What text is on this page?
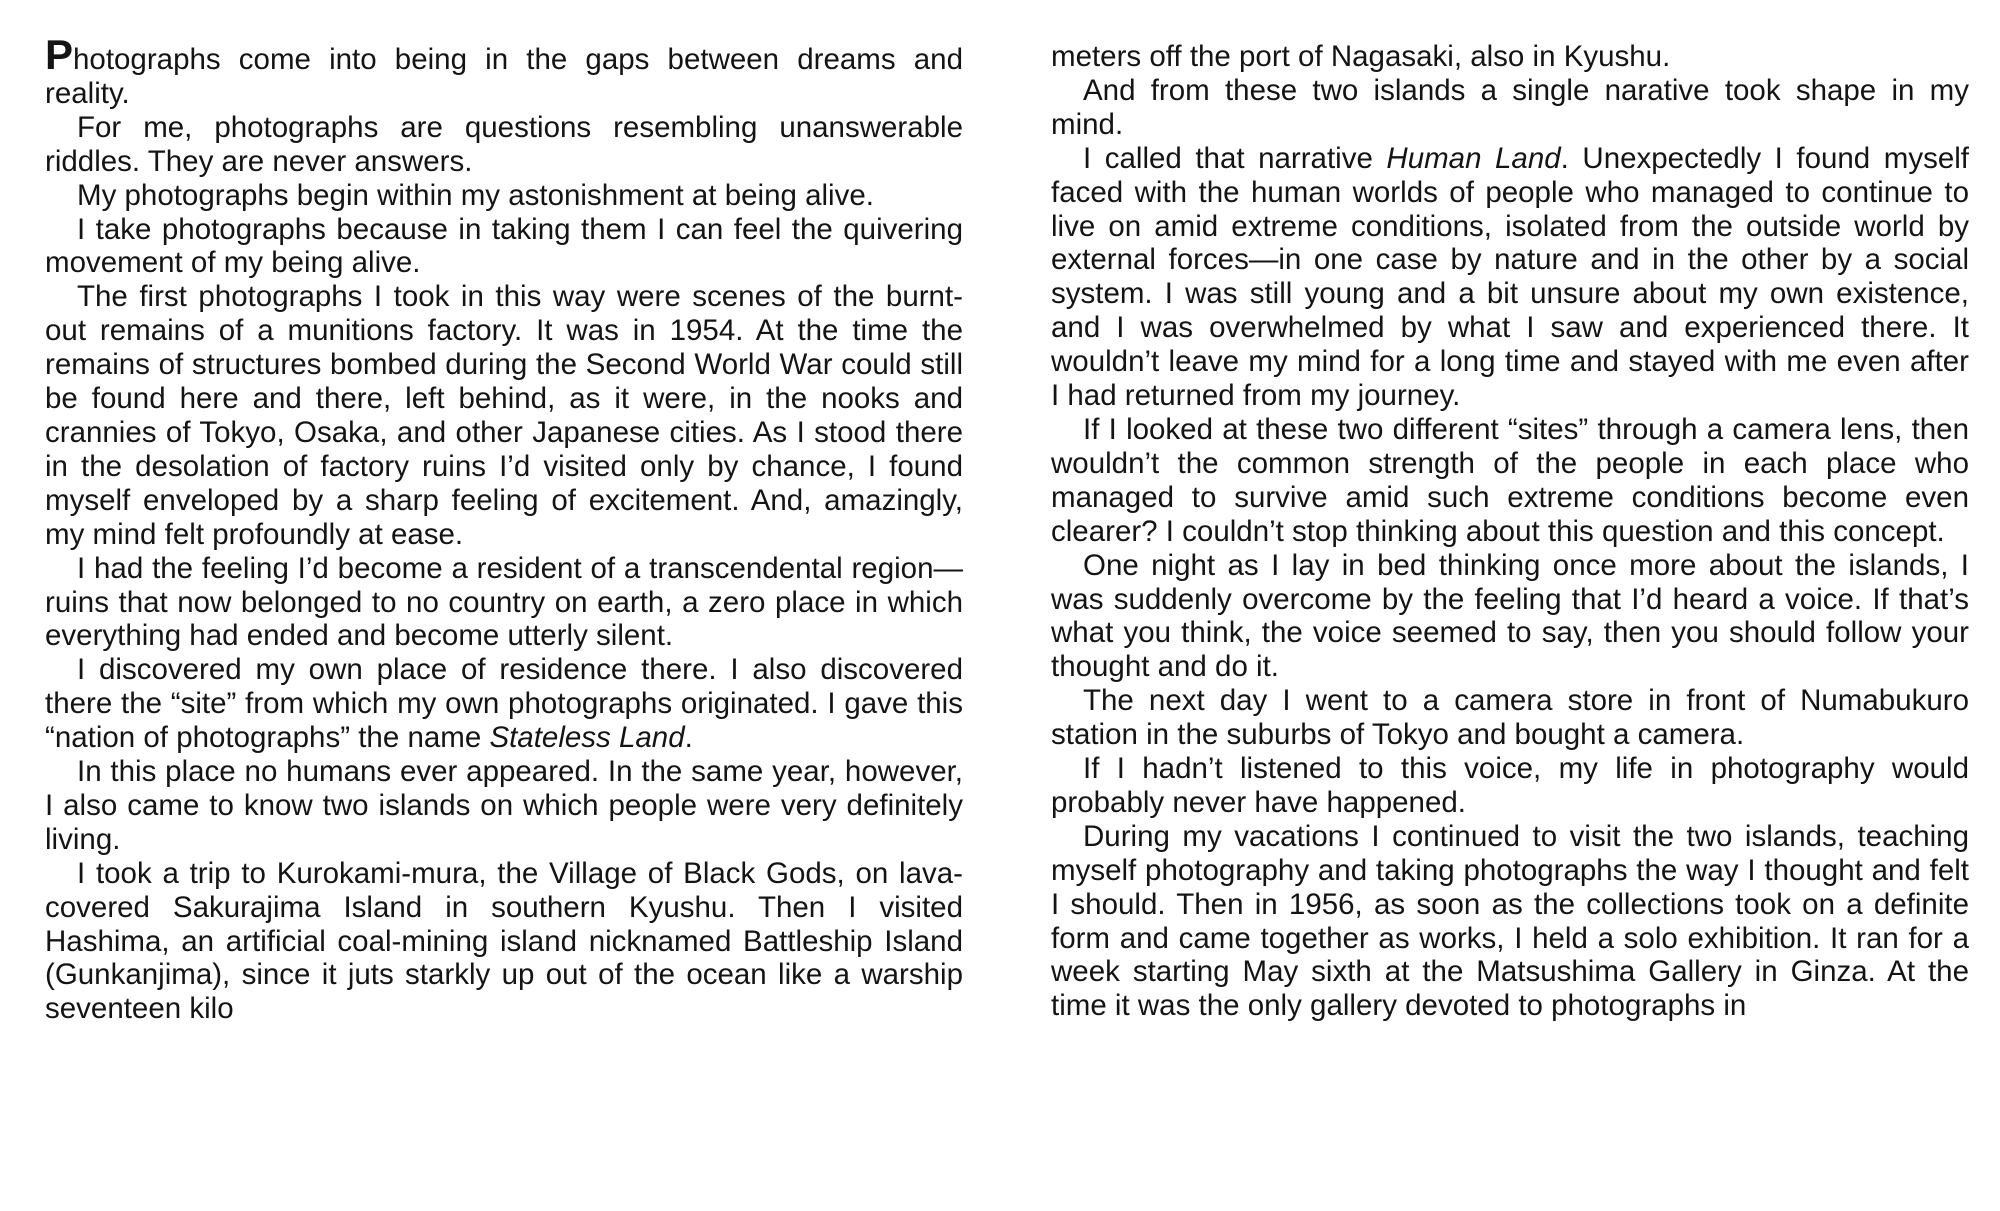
Photographs come into being in the gaps between dreams and reality.

For me, photographs are questions resembling unanswerable riddles. They are never answers.

My photographs begin within my astonishment at being alive.

I take photographs because in taking them I can feel the quivering movement of my being alive.

The first photographs I took in this way were scenes of the burnt-out remains of a munitions factory. It was in 1954. At the time the remains of structures bombed during the Second World War could still be found here and there, left behind, as it were, in the nooks and crannies of Tokyo, Osaka, and other Japanese cities. As I stood there in the desolation of factory ruins I’d visited only by chance, I found myself enveloped by a sharp feeling of excitement. And, amazingly, my mind felt profoundly at ease.

I had the feeling I’d become a resident of a transcendental region—ruins that now belonged to no country on earth, a zero place in which everything had ended and become utterly silent.

I discovered my own place of residence there. I also discovered there the “site” from which my own photographs originated. I gave this “nation of photographs” the name Stateless Land.

In this place no humans ever appeared. In the same year, however, I also came to know two islands on which people were very definitely living.

I took a trip to Kurokami-mura, the Village of Black Gods, on lava-covered Sakurajima Island in southern Kyushu. Then I visited Hashima, an artificial coal-mining island nicknamed Battleship Island (Gunkanjima), since it juts starkly up out of the ocean like a warship seventeen kilo

meters off the port of Nagasaki, also in Kyushu.

And from these two islands a single narative took shape in my mind.

I called that narrative Human Land. Unexpectedly I found myself faced with the human worlds of people who managed to continue to live on amid extreme conditions, isolated from the outside world by external forces—in one case by nature and in the other by a social system. I was still young and a bit unsure about my own existence, and I was overwhelmed by what I saw and experienced there. It wouldn’t leave my mind for a long time and stayed with me even after I had returned from my journey.

If I looked at these two different “sites” through a camera lens, then wouldn’t the common strength of the people in each place who managed to survive amid such extreme conditions become even clearer? I couldn’t stop thinking about this question and this concept.

One night as I lay in bed thinking once more about the islands, I was suddenly overcome by the feeling that I’d heard a voice. If that’s what you think, the voice seemed to say, then you should follow your thought and do it.

The next day I went to a camera store in front of Numabukuro station in the suburbs of Tokyo and bought a camera.

If I hadn’t listened to this voice, my life in photography would probably never have happened.

During my vacations I continued to visit the two islands, teaching myself photography and taking photographs the way I thought and felt I should. Then in 1956, as soon as the collections took on a definite form and came together as works, I held a solo exhibition. It ran for a week starting May sixth at the Matsushima Gallery in Ginza. At the time it was the only gallery devoted to photographs in
